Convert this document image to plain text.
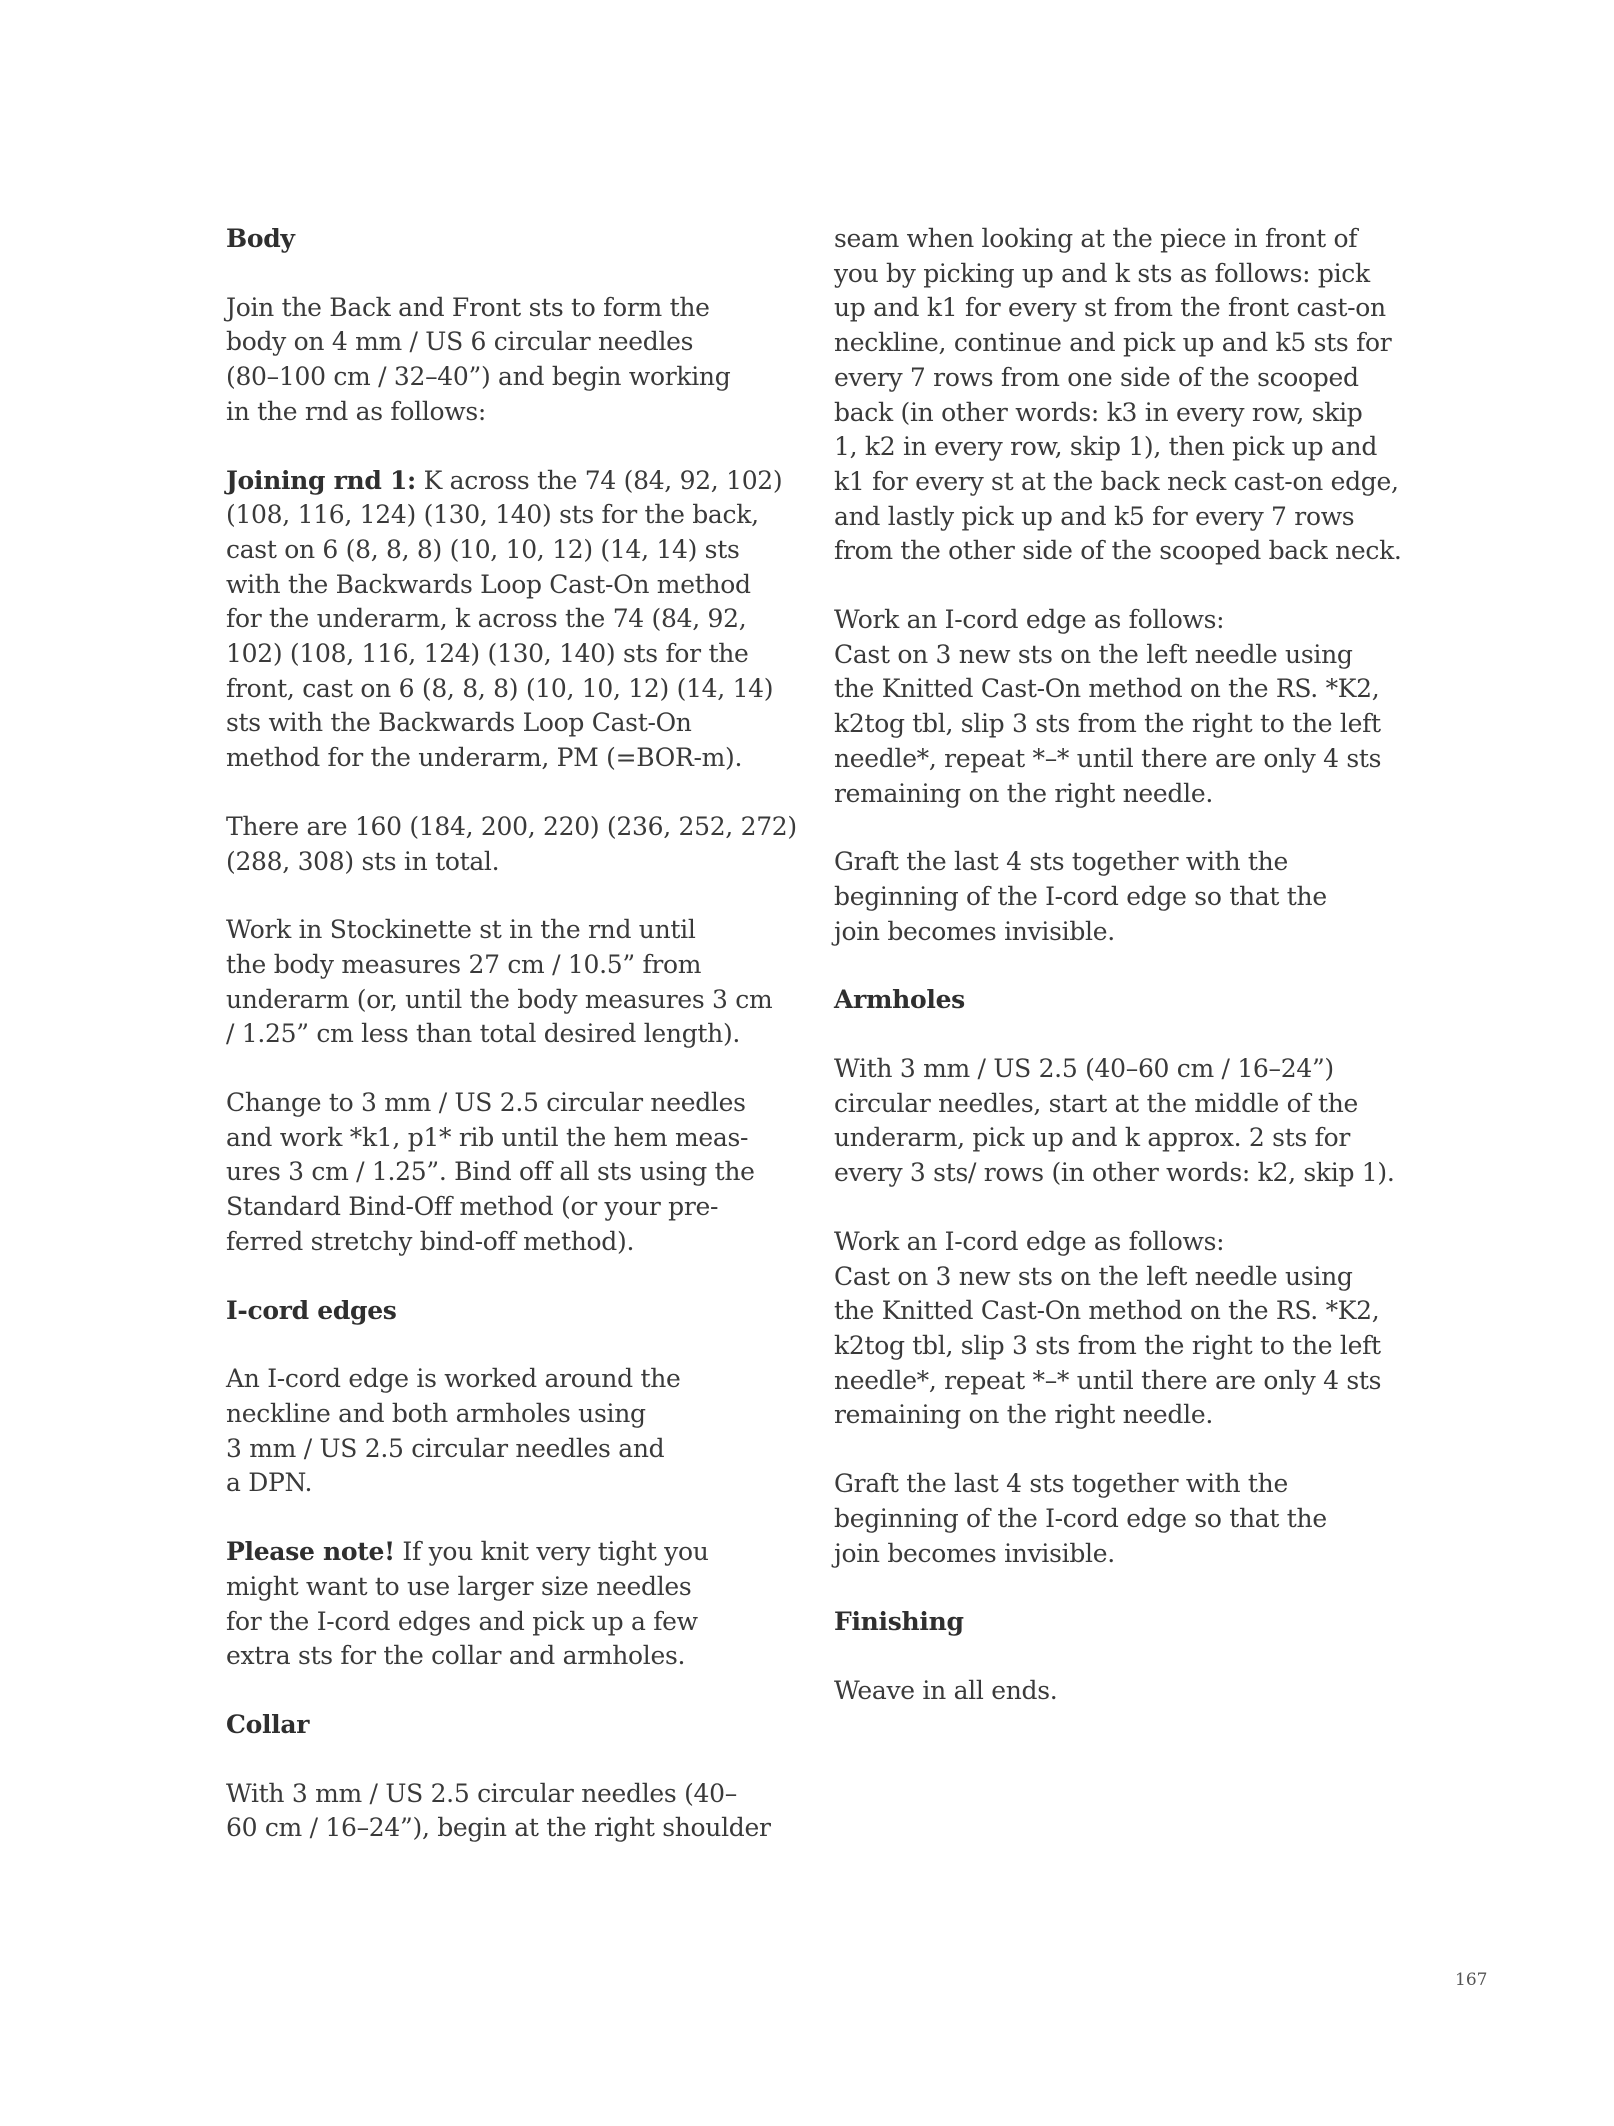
Body
Join the Back and Front sts to form the
body on 4 mm / US 6 circular needles
(80–100 cm / 32–40”) and begin working
in the rnd as follows:
Joining rnd 1: K across the 74 (84, 92, 102)
(108, 116, 124) (130, 140) sts for the back,
cast on 6 (8, 8, 8) (10, 10, 12) (14, 14) sts
with the Backwards Loop Cast-On method
for the underarm, k across the 74 (84, 92,
102) (108, 116, 124) (130, 140) sts for the
front, cast on 6 (8, 8, 8) (10, 10, 12) (14, 14)
sts with the Backwards Loop Cast-On
method for the underarm, PM (=BOR-m).
There are 160 (184, 200, 220) (236, 252, 272)
(288, 308) sts in total.
Work in Stockinette st in the rnd until
the body measures 27 cm / 10.5” from
underarm (or, until the body measures 3 cm
/ 1.25” cm less than total desired length).
Change to 3 mm / US 2.5 circular needles
and work *k1, p1* rib until the hem meas-
ures 3 cm / 1.25”. Bind off all sts using the
Standard Bind-Off method (or your pre-
ferred stretchy bind-off method).
I-cord edges
An I-cord edge is worked around the
neckline and both armholes using
3 mm / US 2.5 circular needles and
a DPN.
Please note! If you knit very tight you
might want to use larger size needles
for the I-cord edges and pick up a few
extra sts for the collar and armholes.
Collar
With 3 mm / US 2.5 circular needles (40–
60 cm / 16–24”), begin at the right shoulder
seam when looking at the piece in front of
you by picking up and k sts as follows: pick
up and k1 for every st from the front cast-on
neckline, continue and pick up and k5 sts for
every 7 rows from one side of the scooped
back (in other words: k3 in every row, skip
1, k2 in every row, skip 1), then pick up and
k1 for every st at the back neck cast-on edge,
and lastly pick up and k5 for every 7 rows
from the other side of the scooped back neck.
Work an I-cord edge as follows:
Cast on 3 new sts on the left needle using
the Knitted Cast-On method on the RS. *K2,
k2tog tbl, slip 3 sts from the right to the left
needle*, repeat *–* until there are only 4 sts
remaining on the right needle.
Graft the last 4 sts together with the
beginning of the I-cord edge so that the
join becomes invisible.
Armholes
With 3 mm / US 2.5 (40–60 cm / 16–24”)
circular needles, start at the middle of the
underarm, pick up and k approx. 2 sts for
every 3 sts/ rows (in other words: k2, skip 1).
Work an I-cord edge as follows:
Cast on 3 new sts on the left needle using
the Knitted Cast-On method on the RS. *K2,
k2tog tbl, slip 3 sts from the right to the left
needle*, repeat *–* until there are only 4 sts
remaining on the right needle.
Graft the last 4 sts together with the
beginning of the I-cord edge so that the
join becomes invisible.
Finishing
Weave in all ends.
167
